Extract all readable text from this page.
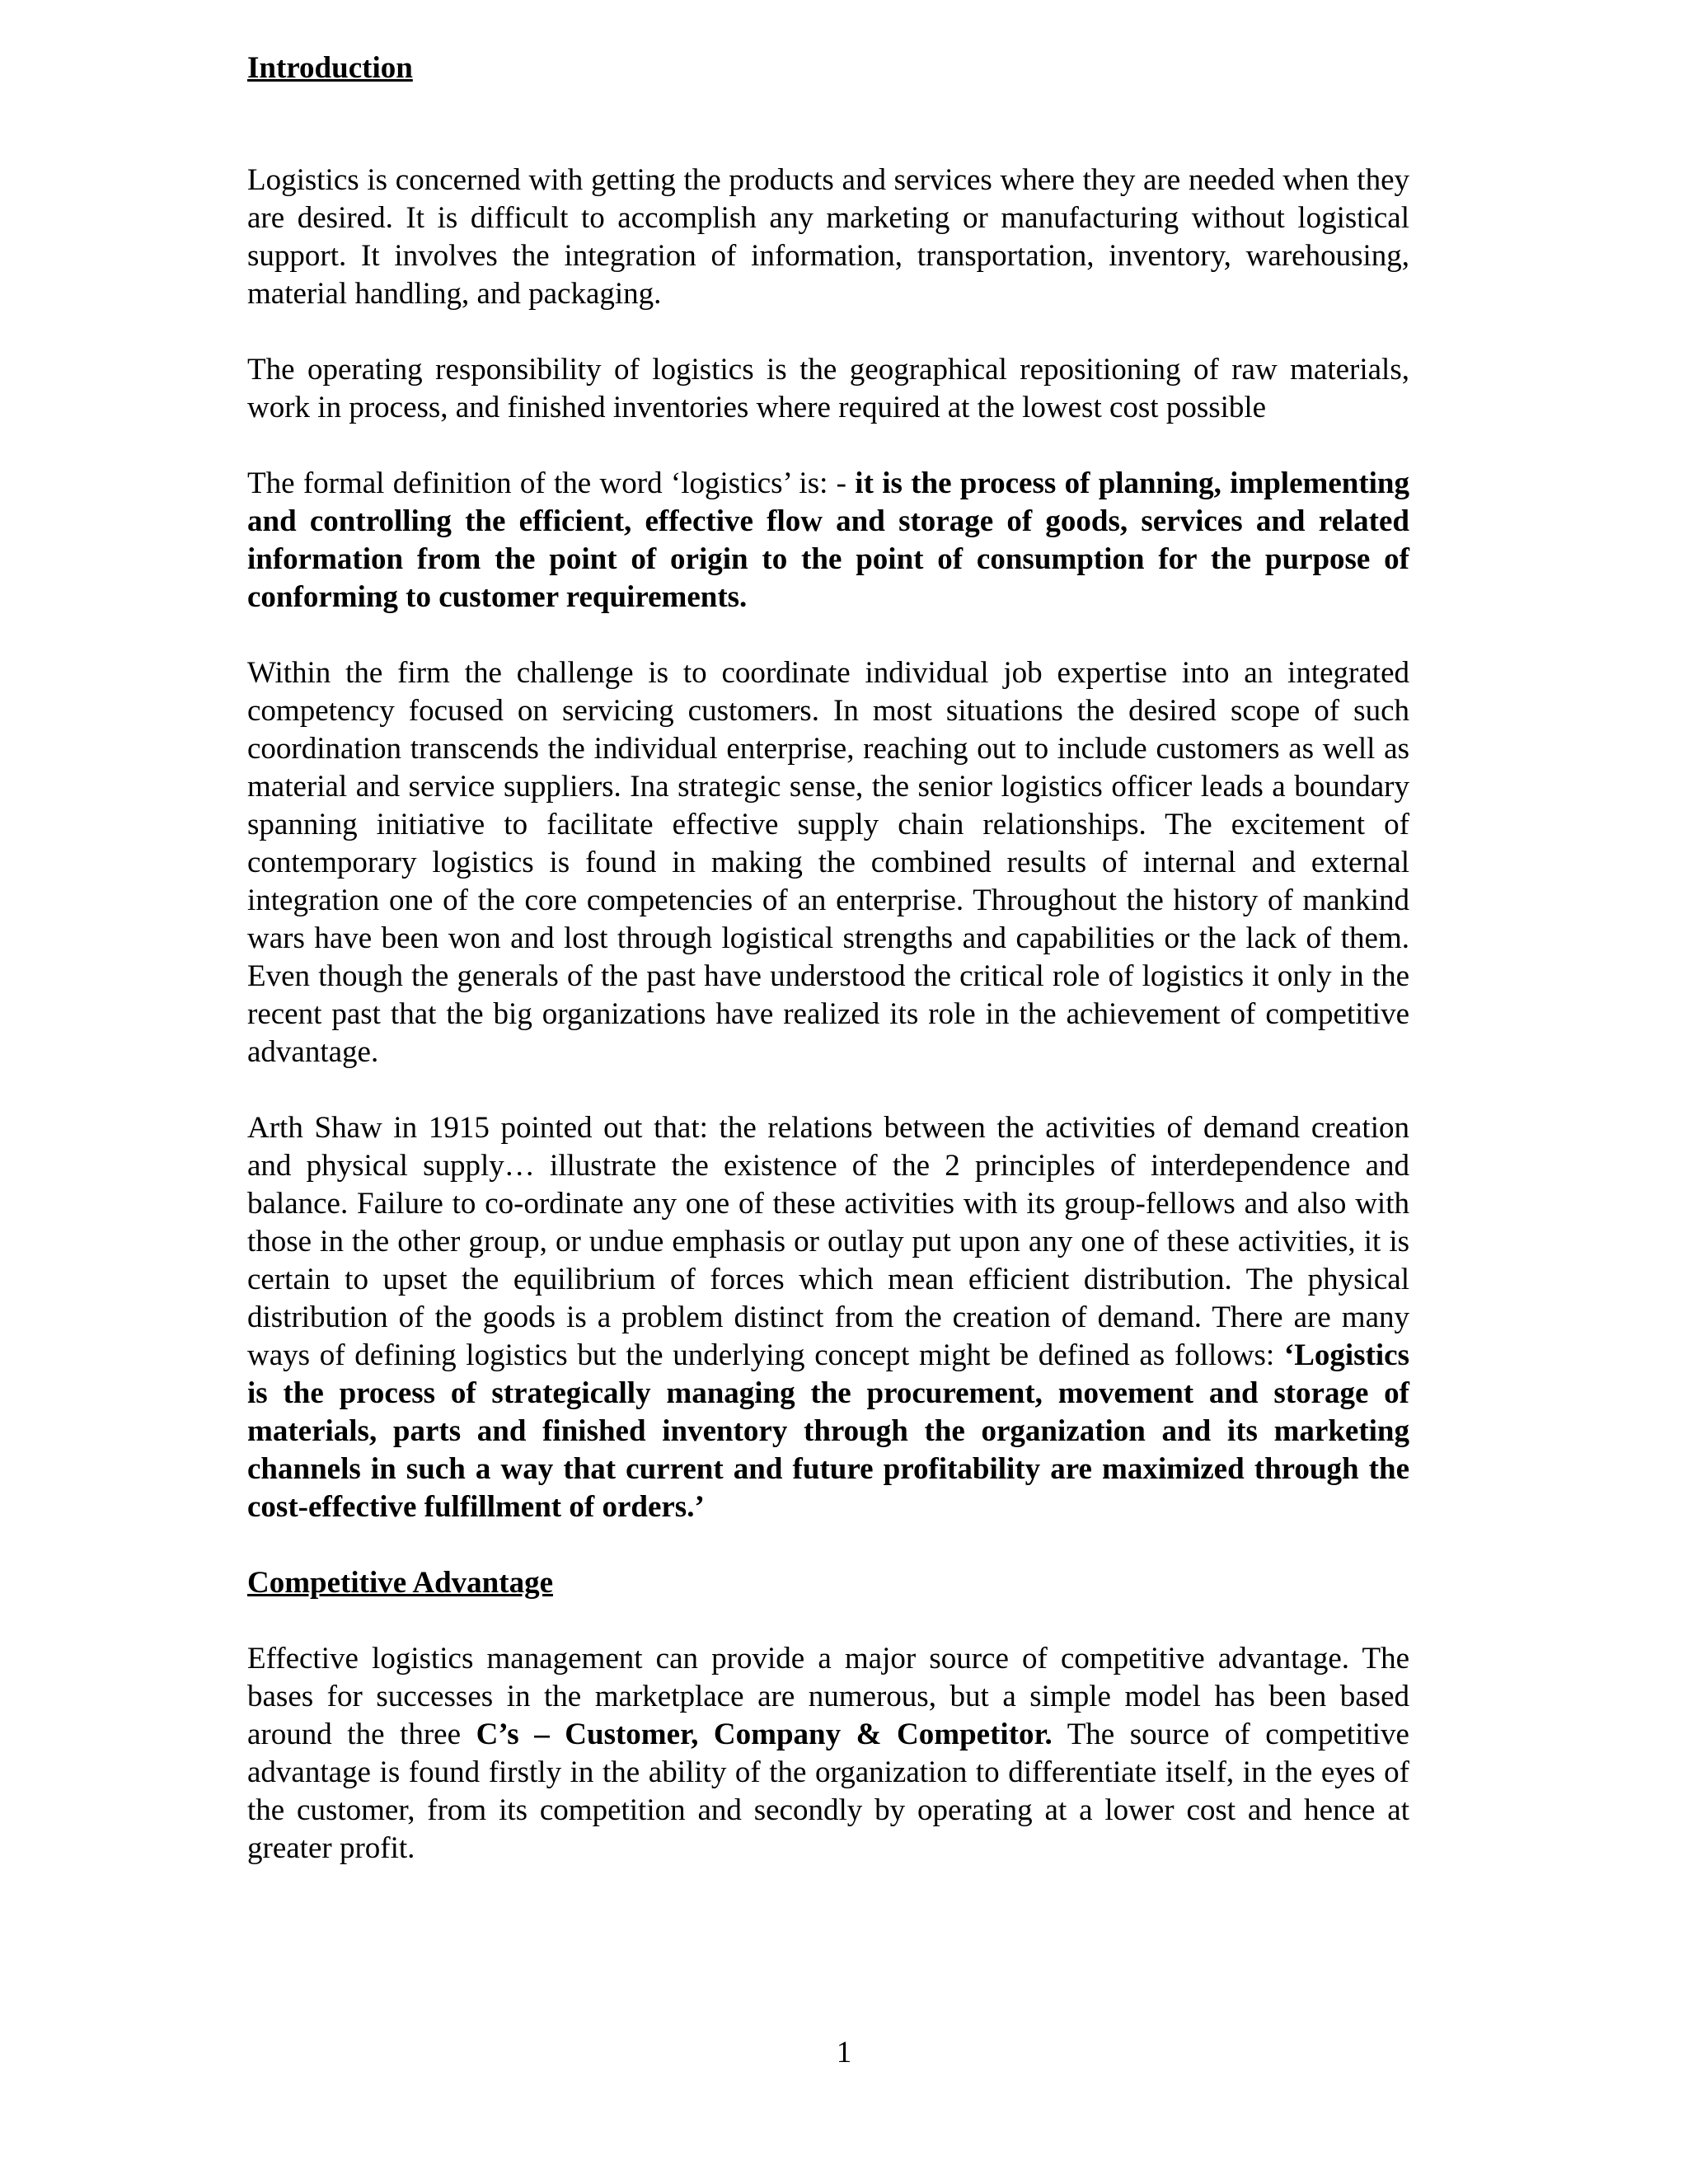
Introduction

Logistics is concerned with getting the products and services where they are needed when they are desired. It is difficult to accomplish any marketing or manufacturing without logistical support. It involves the integration of information, transportation, inventory, warehousing, material handling, and packaging.

The operating responsibility of logistics is the geographical repositioning of raw materials, work in process, and finished inventories where required at the lowest cost possible

The formal definition of the word ‘logistics’ is: - it is the process of planning, implementing and controlling the efficient, effective flow and storage of goods, services and related information from the point of origin to the point of consumption for the purpose of conforming to customer requirements.

Within the firm the challenge is to coordinate individual job expertise into an integrated competency focused on servicing customers. In most situations the desired scope of such coordination transcends the individual enterprise, reaching out to include customers as well as material and service suppliers. Ina strategic sense, the senior logistics officer leads a boundary spanning initiative to facilitate effective supply chain relationships. The excitement of contemporary logistics is found in making the combined results of internal and external integration one of the core competencies of an enterprise. Throughout the history of mankind wars have been won and lost through logistical strengths and capabilities or the lack of them. Even though the generals of the past have understood the critical role of logistics it only in the recent past that the big organizations have realized its role in the achievement of competitive advantage.

Arth Shaw in 1915 pointed out that: the relations between the activities of demand creation and physical supply… illustrate the existence of the 2 principles of interdependence and balance. Failure to co-ordinate any one of these activities with its group-fellows and also with those in the other group, or undue emphasis or outlay put upon any one of these activities, it is certain to upset the equilibrium of forces which mean efficient distribution. The physical distribution of the goods is a problem distinct from the creation of demand. There are many ways of defining logistics but the underlying concept might be defined as follows: ‘Logistics is the process of strategically managing the procurement, movement and storage of materials, parts and finished inventory through the organization and its marketing channels in such a way that current and future profitability are maximized through the cost-effective fulfillment of orders.’

Competitive Advantage

Effective logistics management can provide a major source of competitive advantage. The bases for successes in the marketplace are numerous, but a simple model has been based around the three C’s – Customer, Company & Competitor. The source of competitive advantage is found firstly in the ability of the organization to differentiate itself, in the eyes of the customer, from its competition and secondly by operating at a lower cost and hence at greater profit.

1
